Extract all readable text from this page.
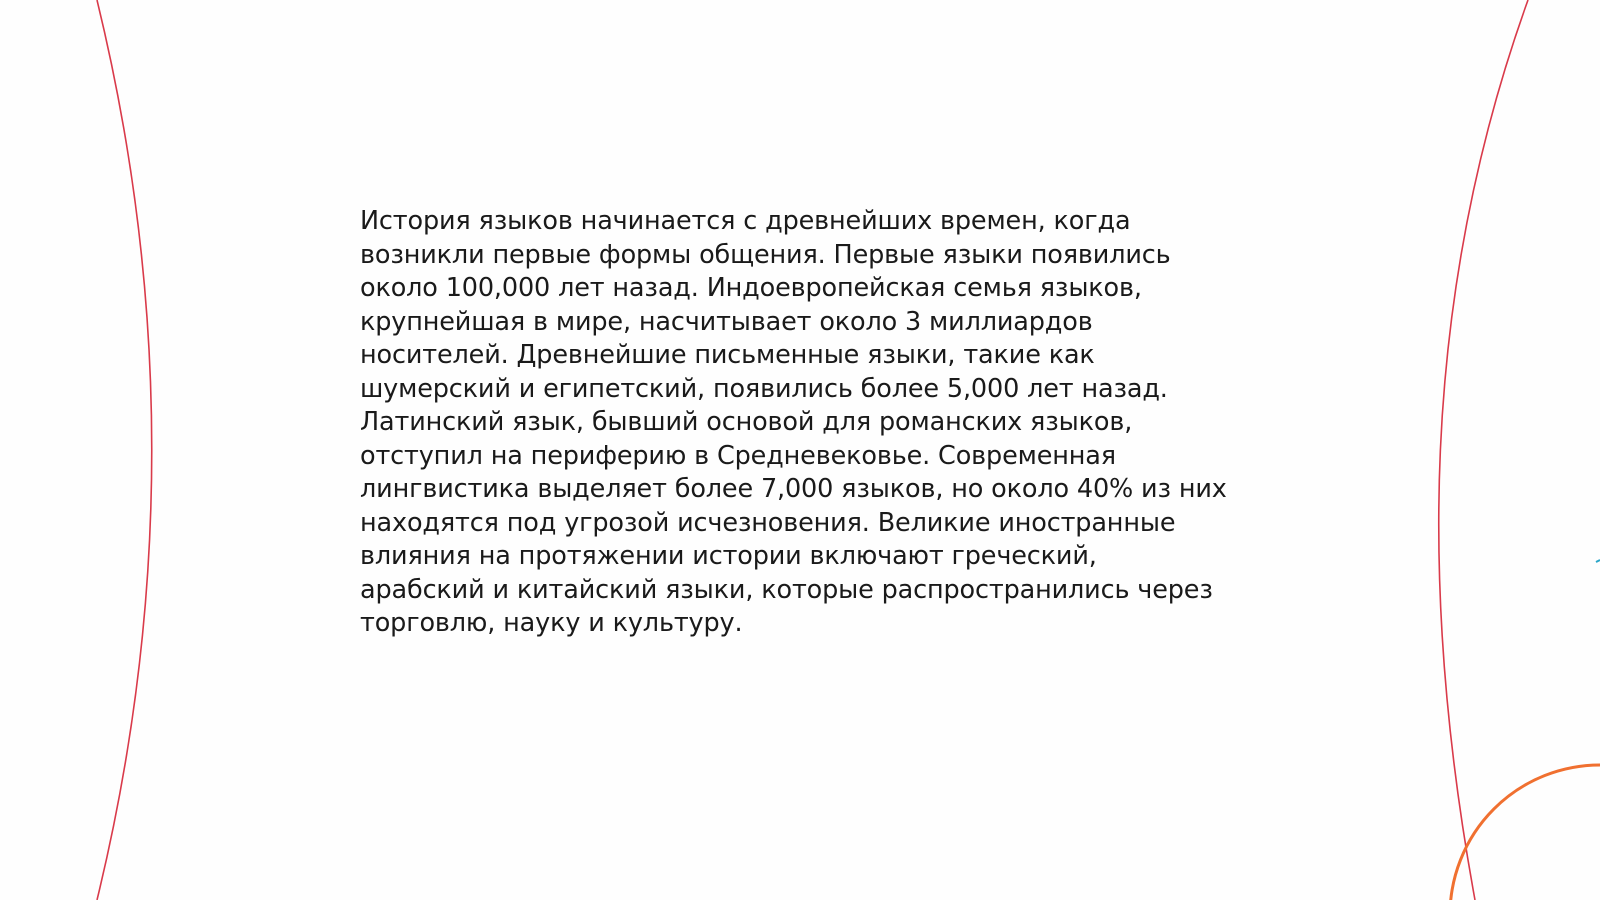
История языков начинается с древнейших времен, когда
возникли первые формы общения. Первые языки появились
около 100,000 лет назад. Индоевропейская семья языков,
крупнейшая в мире, насчитывает около 3 миллиардов
носителей. Древнейшие письменные языки, такие как
шумерский и египетский, появились более 5,000 лет назад.
Латинский язык, бывший основой для романских языков,
отступил на периферию в Средневековье. Современная
лингвистика выделяет более 7,000 языков, но около 40% из них
находятся под угрозой исчезновения. Великие иностранные
влияния на протяжении истории включают греческий,
арабский и китайский языки, которые распространились через
торговлю, науку и культуру.
